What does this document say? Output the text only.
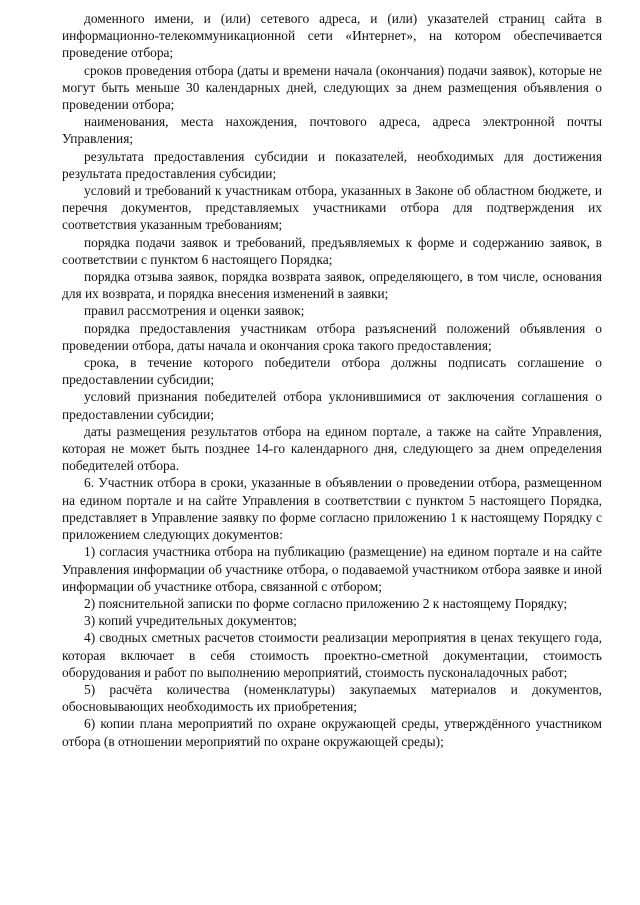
доменного имени, и (или) сетевого адреса, и (или) указателей страниц сайта в информационно-телекоммуникационной сети «Интернет», на котором обеспечивается проведение отбора;

сроков проведения отбора (даты и времени начала (окончания) подачи заявок), которые не могут быть меньше 30 календарных дней, следующих за днем размещения объявления о проведении отбора;

наименования, места нахождения, почтового адреса, адреса электронной почты Управления;

результата предоставления субсидии и показателей, необходимых для достижения результата предоставления субсидии;

условий и требований к участникам отбора, указанных в Законе об областном бюджете, и перечня документов, представляемых участниками отбора для подтверждения их соответствия указанным требованиям;

порядка подачи заявок и требований, предъявляемых к форме и содержанию заявок, в соответствии с пунктом 6 настоящего Порядка;

порядка отзыва заявок, порядка возврата заявок, определяющего, в том числе, основания для их возврата, и порядка внесения изменений в заявки;

правил рассмотрения и оценки заявок;

порядка предоставления участникам отбора разъяснений положений объявления о проведении отбора, даты начала и окончания срока такого предоставления;

срока, в течение которого победители отбора должны подписать соглашение о предоставлении субсидии;

условий признания победителей отбора уклонившимися от заключения соглашения о предоставлении субсидии;

даты размещения результатов отбора на едином портале, а также на сайте Управления, которая не может быть позднее 14-го календарного дня, следующего за днем определения победителей отбора.

6. Участник отбора в сроки, указанные в объявлении о проведении отбора, размещенном на едином портале и на сайте Управления в соответствии с пунктом 5 настоящего Порядка, представляет в Управление заявку по форме согласно приложению 1 к настоящему Порядку с приложением следующих документов:

1) согласия участника отбора на публикацию (размещение) на едином портале и на сайте Управления информации об участнике отбора, о подаваемой участником отбора заявке и иной информации об участнике отбора, связанной с отбором;

2) пояснительной записки по форме согласно приложению 2 к настоящему Порядку;

3) копий учредительных документов;

4) сводных сметных расчетов стоимости реализации мероприятия в ценах текущего года, которая включает в себя стоимость проектно-сметной документации, стоимость оборудования и работ по выполнению мероприятий, стоимость пусконаладочных работ;

5) расчёта количества (номенклатуры) закупаемых материалов и документов, обосновывающих необходимость их приобретения;

6) копии плана мероприятий по охране окружающей среды, утверждённого участником отбора (в отношении мероприятий по охране окружающей среды);
